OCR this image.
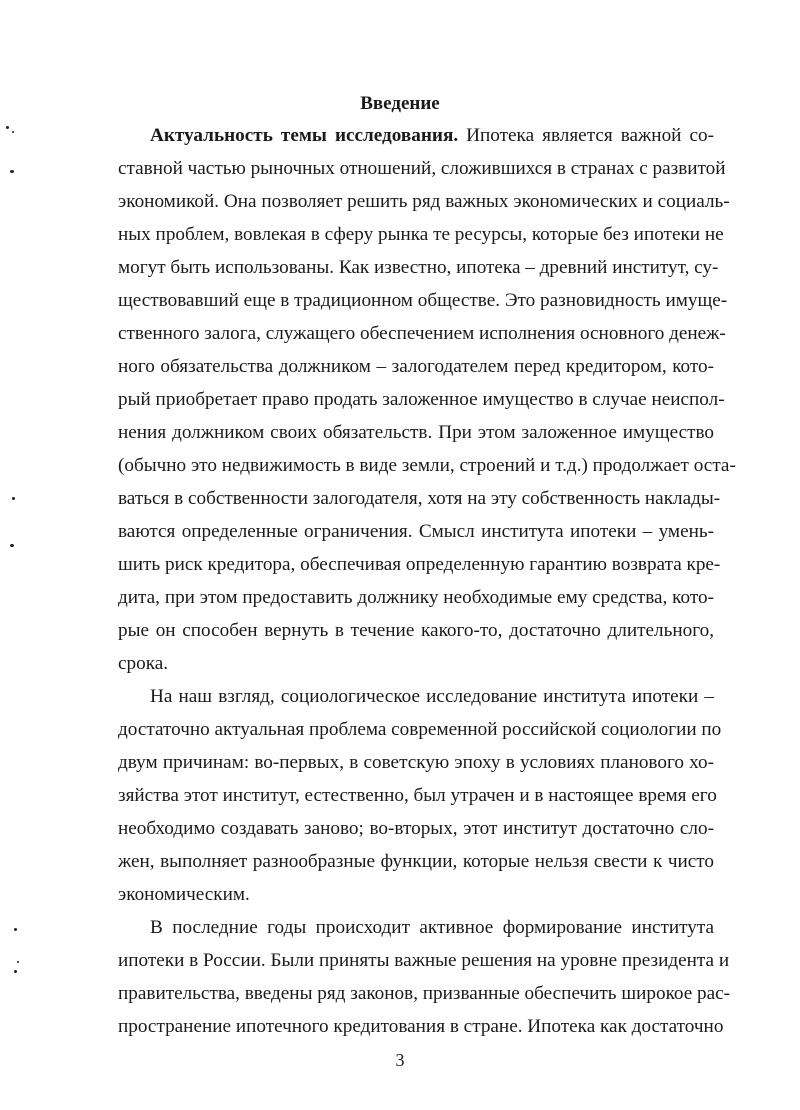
Введение
Актуальность темы исследования. Ипотека является важной со-
ставной частью рыночных отношений, сложившихся в странах с развитой
экономикой. Она позволяет решить ряд важных экономических и социаль-
ных проблем, вовлекая в сферу рынка те ресурсы, которые без ипотеки не
могут быть использованы. Как известно, ипотека – древний институт, су-
ществовавший еще в традиционном обществе. Это разновидность имуще-
ственного залога, служащего обеспечением исполнения основного денеж-
ного обязательства должником – залогодателем перед кредитором, кото-
рый приобретает право продать заложенное имущество в случае неиспол-
нения должником своих обязательств. При этом заложенное имущество
(обычно это недвижимость в виде земли, строений и т.д.) продолжает оста-
ваться в собственности залогодателя, хотя на эту собственность наклады-
ваются определенные ограничения. Смысл института ипотеки – умень-
шить риск кредитора, обеспечивая определенную гарантию возврата кре-
дита, при этом предоставить должнику необходимые ему средства, кото-
рые он способен вернуть в течение какого-то, достаточно длительного,
срока.
На наш взгляд, социологическое исследование института ипотеки –
достаточно актуальная проблема современной российской социологии по
двум причинам: во-первых, в советскую эпоху в условиях планового хо-
зяйства этот институт, естественно, был утрачен и в настоящее время его
необходимо создавать заново; во-вторых, этот институт достаточно сло-
жен, выполняет разнообразные функции, которые нельзя свести к чисто
экономическим.
В последние годы происходит активное формирование института
ипотеки в России. Были приняты важные решения на уровне президента и
правительства, введены ряд законов, призванные обеспечить широкое рас-
пространение ипотечного кредитования в стране. Ипотека как достаточно
3
